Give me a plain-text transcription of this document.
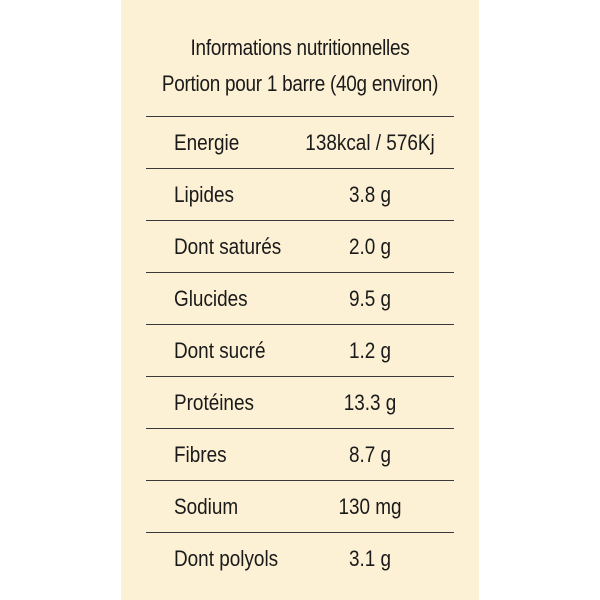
Informations nutritionnelles
Portion pour 1 barre (40g environ)
Energie	138kcal / 576Kj
Lipides	3.8 g
Dont saturés	2.0 g
Glucides	9.5 g
Dont sucré	1.2 g
Protéines	13.3 g
Fibres	8.7 g
Sodium	130 mg
Dont polyols	3.1 g
